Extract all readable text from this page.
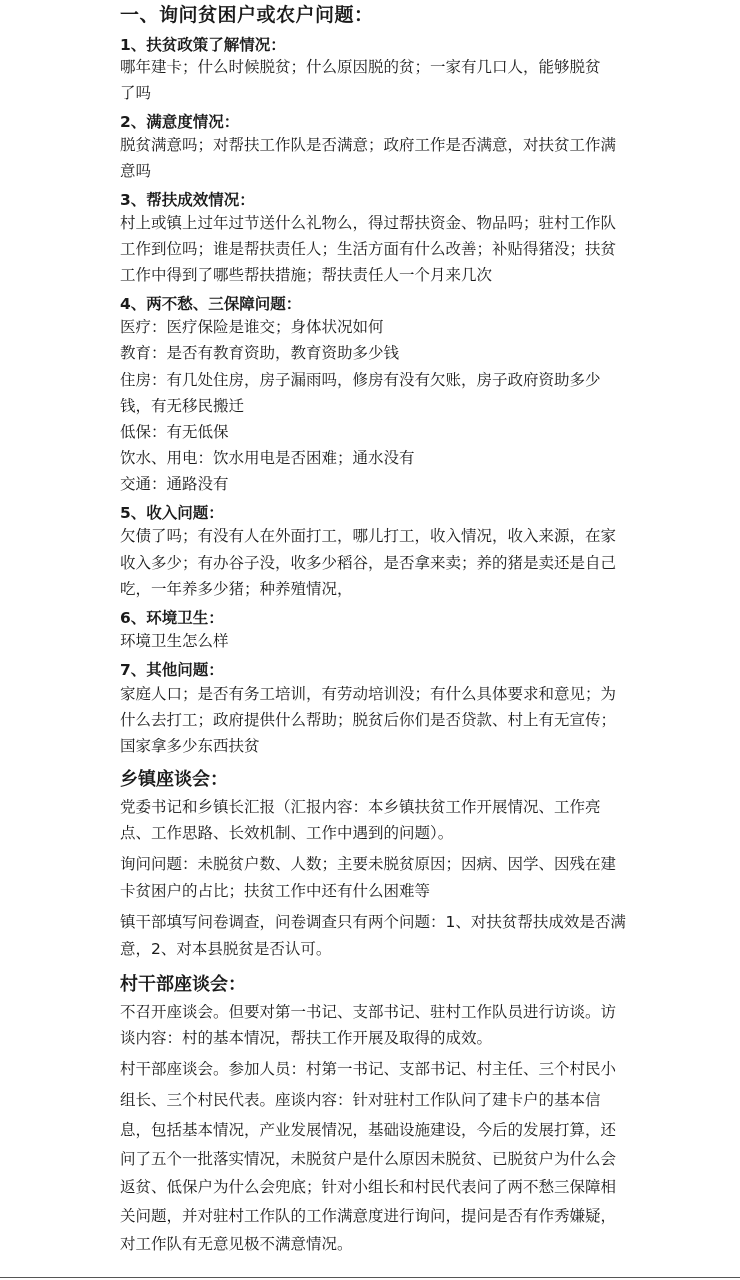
一、询问贫困户或农户问题：
1、扶贫政策了解情况：
哪年建卡；什么时候脱贫；什么原因脱的贫；一家有几口人，能够脱贫
了吗
2、满意度情况：
脱贫满意吗；对帮扶工作队是否满意；政府工作是否满意，对扶贫工作满
意吗
3、帮扶成效情况：
村上或镇上过年过节送什么礼物么，得过帮扶资金、物品吗；驻村工作队
工作到位吗；谁是帮扶责任人；生活方面有什么改善；补贴得猪没；扶贫
工作中得到了哪些帮扶措施；帮扶责任人一个月来几次
4、两不愁、三保障问题：
医疗：医疗保险是谁交；身体状况如何
教育：是否有教育资助，教育资助多少钱
住房：有几处住房，房子漏雨吗，修房有没有欠账，房子政府资助多少
钱，有无移民搬迁
低保：有无低保
饮水、用电：饮水用电是否困难；通水没有
交通：通路没有
5、收入问题：
欠债了吗；有没有人在外面打工，哪儿打工，收入情况，收入来源，在家
收入多少；有办谷子没，收多少稻谷，是否拿来卖；养的猪是卖还是自己
吃，一年养多少猪；种养殖情况，
6、环境卫生：
环境卫生怎么样
7、其他问题：
家庭人口；是否有务工培训，有劳动培训没；有什么具体要求和意见；为
什么去打工；政府提供什么帮助；脱贫后你们是否贷款、村上有无宣传；
国家拿多少东西扶贫
乡镇座谈会：
党委书记和乡镇长汇报（汇报内容：本乡镇扶贫工作开展情况、工作亮
点、工作思路、长效机制、工作中遇到的问题）。
询问问题：未脱贫户数、人数；主要未脱贫原因；因病、因学、因残在建
卡贫困户的占比；扶贫工作中还有什么困难等
镇干部填写问卷调查，问卷调查只有两个问题：1、对扶贫帮扶成效是否满
意，2、对本县脱贫是否认可。
村干部座谈会：
不召开座谈会。但要对第一书记、支部书记、驻村工作队员进行访谈。访
谈内容：村的基本情况，帮扶工作开展及取得的成效。
村干部座谈会。参加人员：村第一书记、支部书记、村主任、三个村民小
组长、三个村民代表。座谈内容：针对驻村工作队问了建卡户的基本信
息，包括基本情况，产业发展情况，基础设施建设，今后的发展打算，还
问了五个一批落实情况，未脱贫户是什么原因未脱贫、已脱贫户为什么会
返贫、低保户为什么会兜底；针对小组长和村民代表问了两不愁三保障相
关问题，并对驻村工作队的工作满意度进行询问，提问是否有作秀嫌疑，
对工作队有无意见极不满意情况。
